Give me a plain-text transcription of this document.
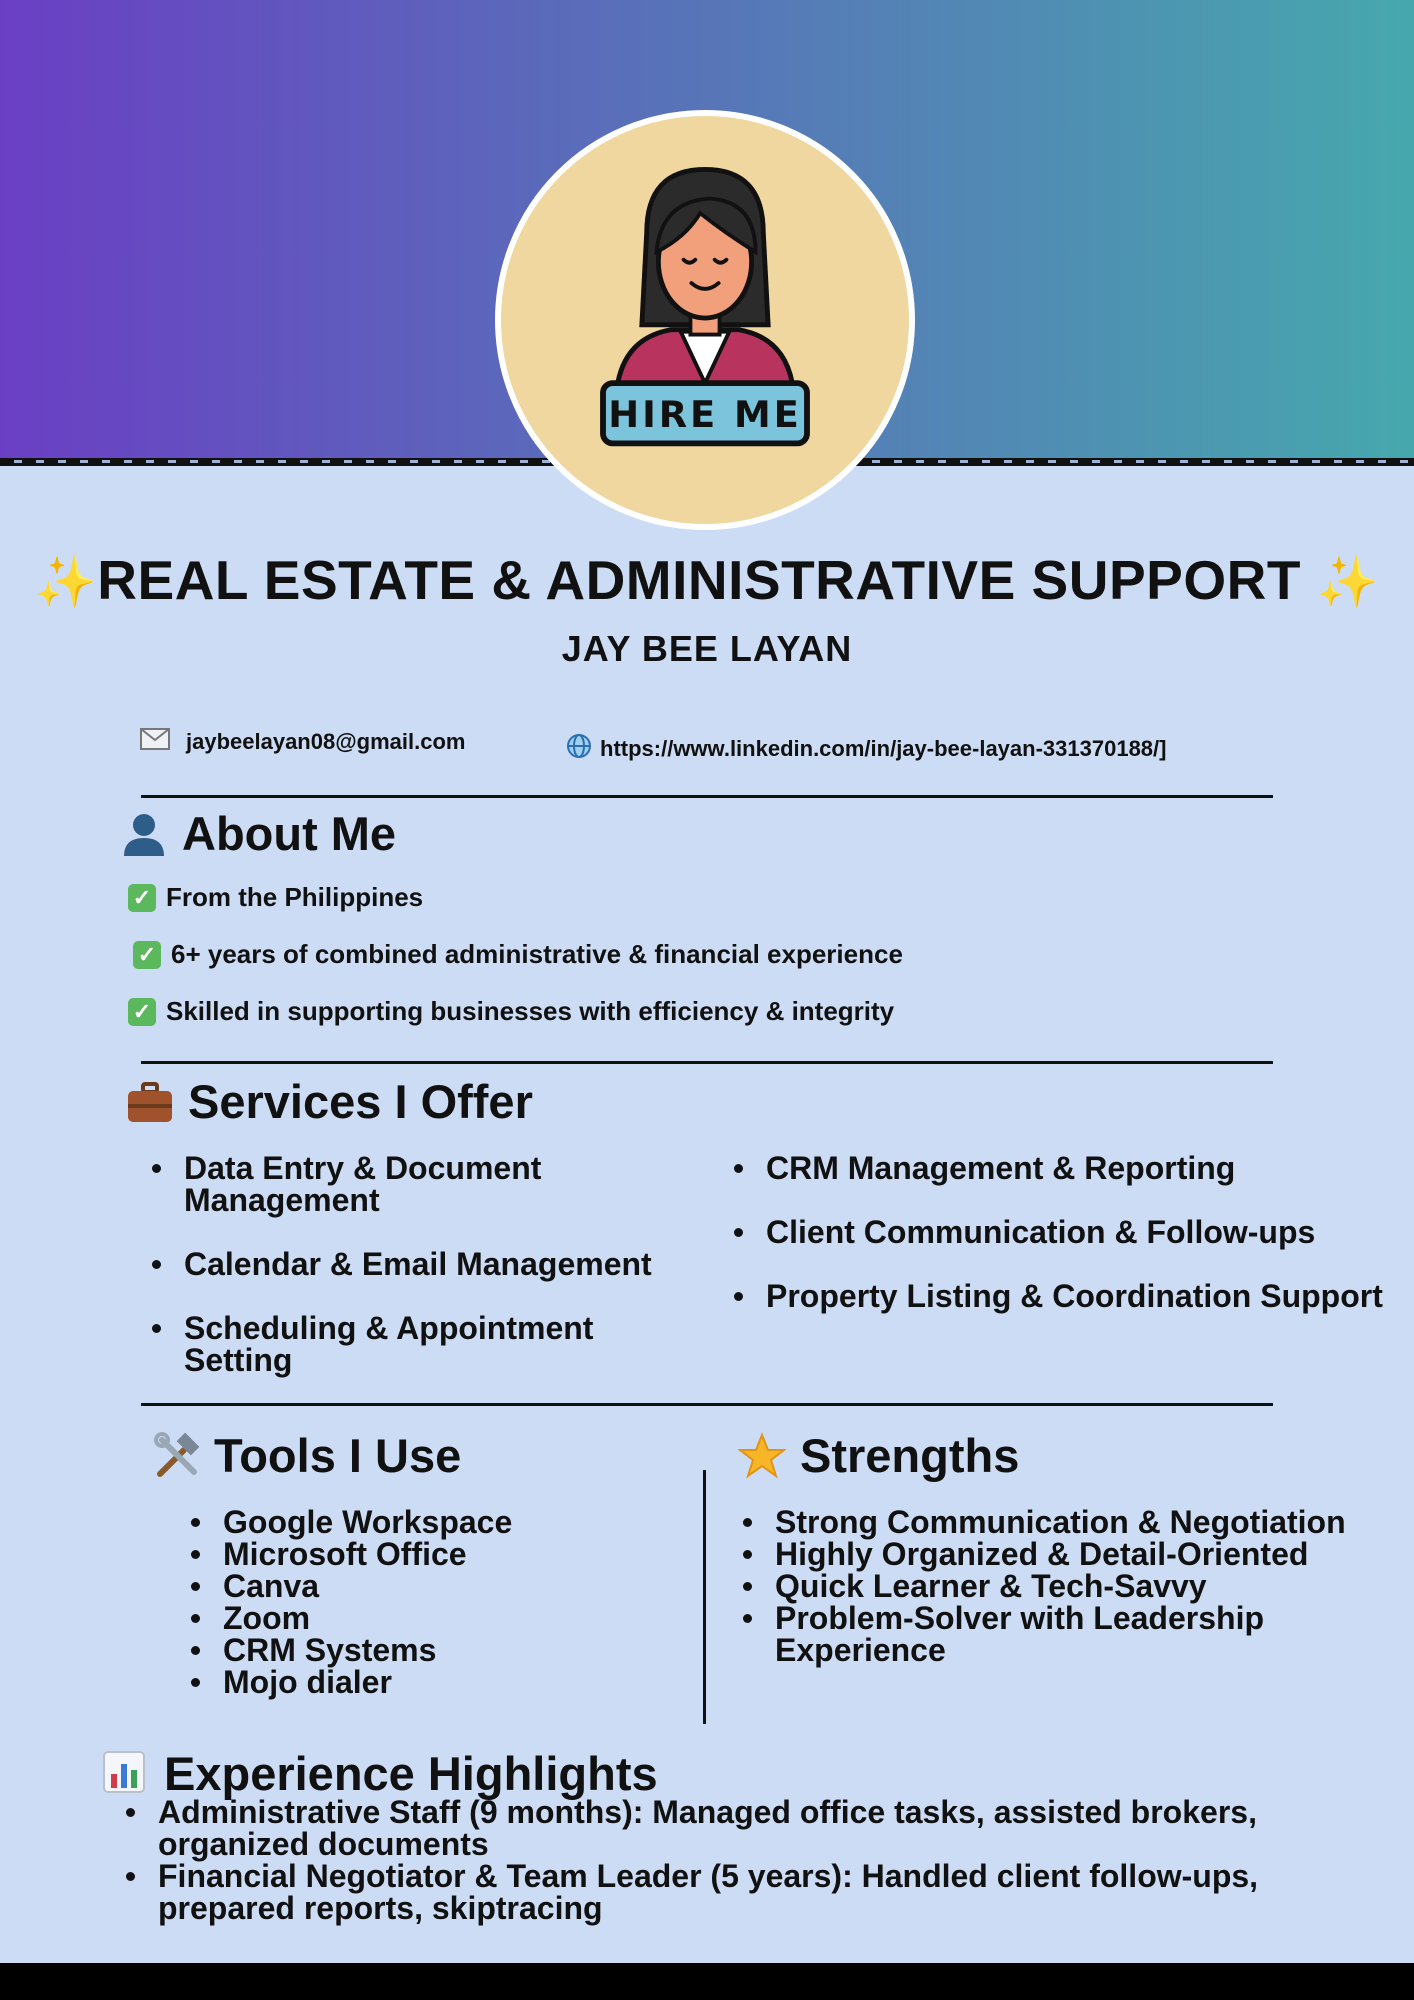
HIRE ME
✨REAL ESTATE & ADMINISTRATIVE SUPPORT ✨
JAY BEE LAYAN
jaybeelayan08@gmail.com	https://www.linkedin.com/in/jay-bee-layan-331370188/]
About Me
✓ From the Philippines
✓ 6+ years of combined administrative & financial experience
✓ Skilled in supporting businesses with efficiency & integrity
Services I Offer
Data Entry & Document Management
Calendar & Email Management
Scheduling & Appointment Setting
CRM Management & Reporting
Client Communication & Follow-ups
Property Listing & Coordination Support
Tools I Use
Google Workspace
Microsoft Office
Canva
Zoom
CRM Systems
Mojo dialer
Strengths
Strong Communication & Negotiation
Highly Organized & Detail-Oriented
Quick Learner & Tech-Savvy
Problem-Solver with Leadership Experience
Experience Highlights
Administrative Staff (9 months): Managed office tasks, assisted brokers, organized documents
Financial Negotiator & Team Leader (5 years): Handled client follow-ups, prepared reports, skiptracing
